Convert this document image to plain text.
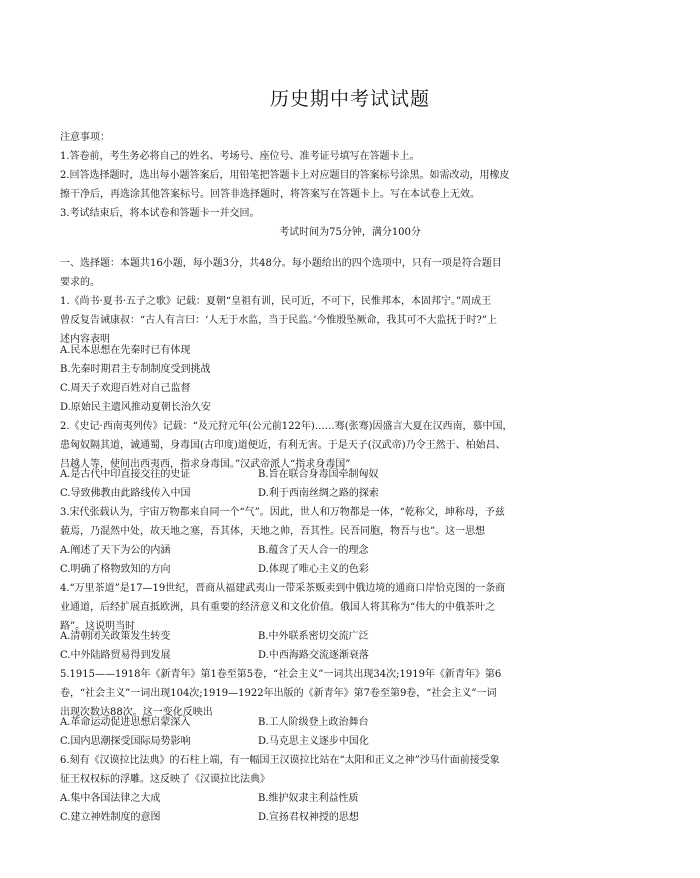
历史期中考试试题
注意事项：
1.答卷前，考生务必将自己的姓名、考场号、座位号、准考证号填写在答题卡上。
2.回答选择题时，选出每小题答案后，用铅笔把答题卡上对应题目的答案标号涂黑。如需改动，用橡皮
擦干净后，再选涂其他答案标号。回答非选择题时，将答案写在答题卡上。写在本试卷上无效。
3.考试结束后，将本试卷和答题卡一并交回。
考试时间为75分钟，满分100分
一、选择题：本题共16小题，每小题3分，共48分。每小题给出的四个选项中，只有一项是符合题目
要求的。
1.《尚书·夏书·五子之歌》记载：夏朝“皇祖有训，民可近，不可下，民惟邦本，本固邦宁。”周成王
曾反复告诫康叔：“古人有言曰：‘人无于水监，当于民监。’今惟殷坠厥命，我其可不大监抚于时?”上
述内容表明
A.民本思想在先秦时已有体现
B.先秦时期君主专制制度受到挑战
C.周天子欢迎百姓对自己监督
D.原始民主遗风推动夏朝长治久安
2.《史记·西南夷列传》记载：“及元狩元年(公元前122年)……骞(张骞)因盛言大夏在汉西南，慕中国，
患匈奴隔其道，诚通蜀，身毒国(古印度)道便近，有利无害。于是天子(汉武帝)乃令王然于、柏始昌、
吕越人等，使间出西夷西，指求身毒国。”汉武帝派人“指求身毒国”
A.是古代中印直接交往的史证	B.旨在联合身毒国牵制匈奴
C.导致佛教由此路线传入中国	D.利于西南丝绸之路的探索
3.宋代张载认为，宇宙万物都来自同一个“气”。因此，世人和万物都是一体，“乾称父，坤称母，予兹
藐焉，乃混然中处，故天地之塞，吾其体，天地之帅，吾其性。民吾同胞，物吾与也”。这一思想
A.阐述了天下为公的内涵	B.蕴含了天人合一的理念
C.明确了格物致知的方向	D.体现了唯心主义的色彩
4.“万里茶道”是17—19世纪，晋商从福建武夷山一带采茶贩卖到中俄边境的通商口岸恰克图的一条商
业通道，后经扩展直抵欧洲，具有重要的经济意义和文化价值。俄国人将其称为“伟大的中俄茶叶之
路”。这说明当时
A.清朝闭关政策发生转变	B.中外联系密切交流广泛
C.中外陆路贸易得到发展	D.中西海路交流逐渐衰落
5.1915——1918年《新青年》第1卷至第5卷，“社会主义”一词共出现34次;1919年《新青年》第6
卷，“社会主义”一词出现104次;1919—1922年出版的《新青年》第7卷至第9卷，“社会主义”一词
出现次数达88次。这一变化反映出
A.革命运动促进思想启蒙深入	B.工人阶级登上政治舞台
C.国内思潮探受国际局势影响	D.马克思主义逐步中国化
6.刻有《汉谟拉比法典》的石柱上端，有一幅国王汉谟拉比站在“太阳和正义之神”沙马什面前接受象
征王权权标的浮雕。这反映了《汉谟拉比法典》
A.集中各国法律之大成	B.维护奴隶主利益性质
C.建立神姓制度的意图	D.宣扬君权神授的思想
